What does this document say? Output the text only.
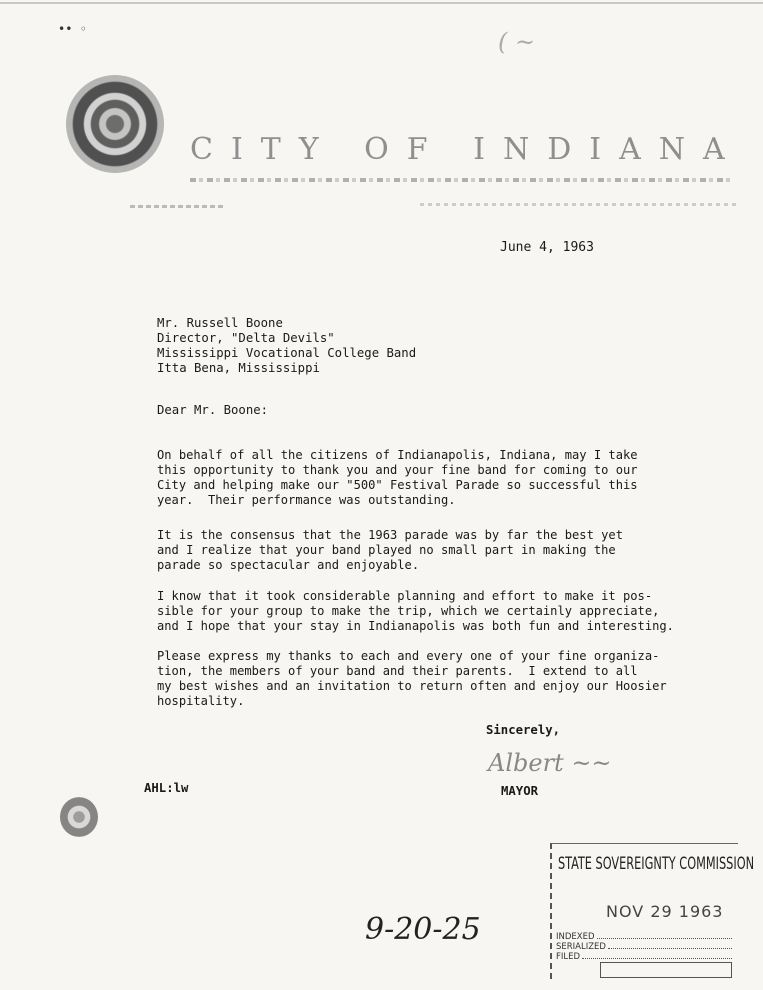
•• ◦	( ~
CITY OF INDIANA
June 4, 1963
Mr. Russell Boone
Director, "Delta Devils"
Mississippi Vocational College Band
Itta Bena, Mississippi
Dear Mr. Boone:
On behalf of all the citizens of Indianapolis, Indiana, may I take
this opportunity to thank you and your fine band for coming to our
City and helping make our "500" Festival Parade so successful this
year.  Their performance was outstanding.
It is the consensus that the 1963 parade was by far the best yet
and I realize that your band played no small part in making the
parade so spectacular and enjoyable.
I know that it took considerable planning and effort to make it pos-
sible for your group to make the trip, which we certainly appreciate,
and I hope that your stay in Indianapolis was both fun and interesting.
Please express my thanks to each and every one of your fine organiza-
tion, the members of your band and their parents.  I extend to all
my best wishes and an invitation to return often and enjoy our Hoosier
hospitality.
Sincerely,
Albert ~~
AHL:lw	MAYOR
9-20-25
STATE SOVEREIGNTY COMMISSION
NOV 29 1963
INDEXED
SERIALIZED
FILED
